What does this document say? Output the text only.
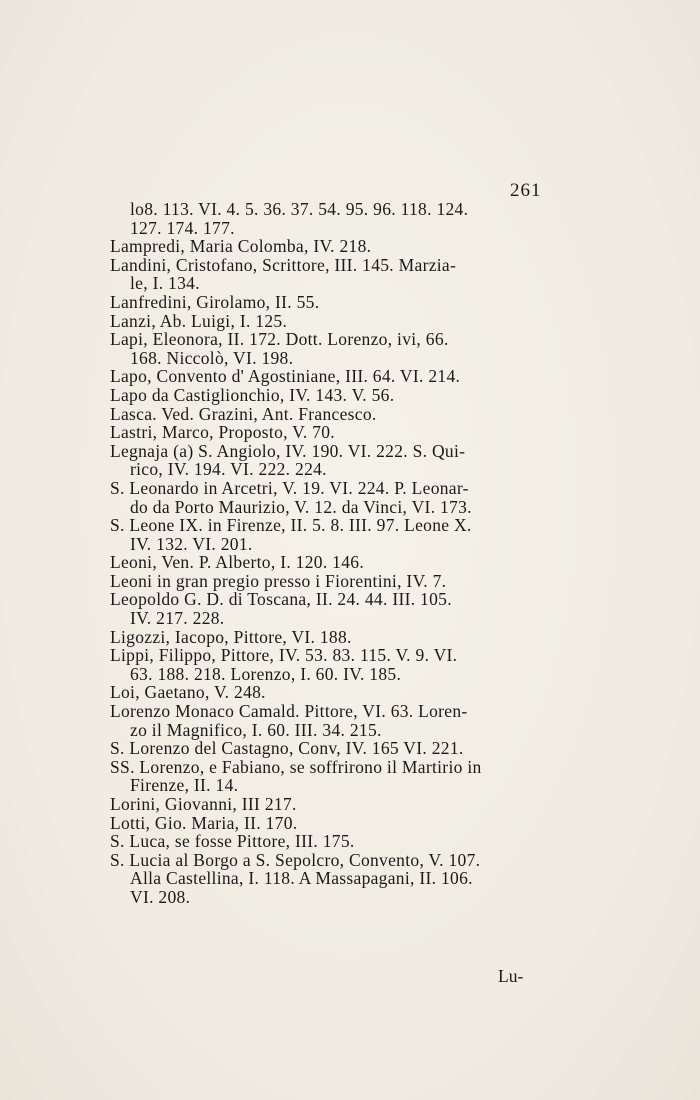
261
lo8. 113. VI. 4. 5. 36. 37. 54. 95. 96. 118. 124.
127. 174. 177.
Lampredi, Maria Colomba, IV. 218.
Landini, Cristofano, Scrittore, III. 145. Marzia-
le, I. 134.
Lanfredini, Girolamo, II. 55.
Lanzi, Ab. Luigi, I. 125.
Lapi, Eleonora, II. 172. Dott. Lorenzo, ivi, 66.
168. Niccolò, VI. 198.
Lapo, Convento d' Agostiniane, III. 64. VI. 214.
Lapo da Castiglionchio, IV. 143. V. 56.
Lasca. Ved. Grazini, Ant. Francesco.
Lastri, Marco, Proposto, V. 70.
Legnaja (a) S. Angiolo, IV. 190. VI. 222. S. Qui-
rico, IV. 194. VI. 222. 224.
S. Leonardo in Arcetri, V. 19. VI. 224. P. Leonar-
do da Porto Maurizio, V. 12. da Vinci, VI. 173.
S. Leone IX. in Firenze, II. 5. 8. III. 97. Leone X.
IV. 132. VI. 201.
Leoni, Ven. P. Alberto, I. 120. 146.
Leoni in gran pregio presso i Fiorentini, IV. 7.
Leopoldo G. D. di Toscana, II. 24. 44. III. 105.
IV. 217. 228.
Ligozzi, Iacopo, Pittore, VI. 188.
Lippi, Filippo, Pittore, IV. 53. 83. 115. V. 9. VI.
63. 188. 218. Lorenzo, I. 60. IV. 185.
Loi, Gaetano, V. 248.
Lorenzo Monaco Camald. Pittore, VI. 63. Loren-
zo il Magnifico, I. 60. III. 34. 215.
S. Lorenzo del Castagno, Conv, IV. 165 VI. 221.
SS. Lorenzo, e Fabiano, se soffrirono il Martirio in
Firenze, II. 14.
Lorini, Giovanni, III 217.
Lotti, Gio. Maria, II. 170.
S. Luca, se fosse Pittore, III. 175.
S. Lucia al Borgo a S. Sepolcro, Convento, V. 107.
Alla Castellina, I. 118. A Massapagani, II. 106.
VI. 208.
Lu-
